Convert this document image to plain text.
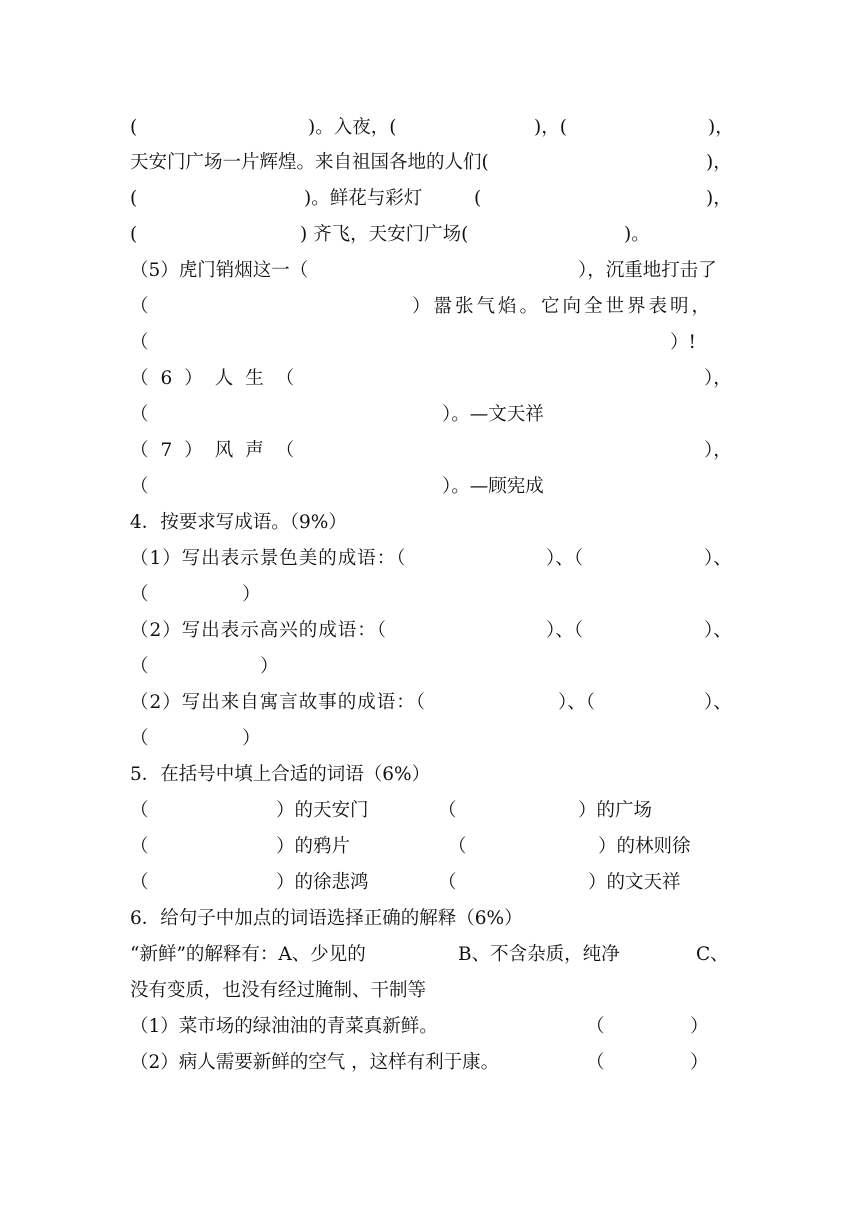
(	)。入夜，(	)，(	)，
天安门广场一片辉煌。来自祖国各地的人们(	)，
(	)。鲜花与彩灯	(	)，
(	) 齐飞，天安门广场(	)。
（5）虎门销烟这一（	），沉重地打击了
（	）嚣张气焰。它向全世界表明，
（	）!
（6）人生（	），
（	）。—文天祥
（7）风声（	），
（	）。—顾宪成
4．按要求写成语。（9%）
（1）写出表示景色美的成语：（	）、（	）、
（	）
（2）写出表示高兴的成语：（	）、（	）、
（	）
（2）写出来自寓言故事的成语：（	）、（	）、
（	）
5．在括号中填上合适的词语（6%）
（	）的天安门	（	）的广场
（	）的鸦片	（	）的林则徐
（	）的徐悲鸿	（	）的文天祥
6．给句子中加点的词语选择正确的解释（6%）
“新鲜”的解释有：A、少见的	B、不含杂质，纯净	C、
没有变质，也没有经过腌制、干制等
（1）菜市场的绿油油的青菜真新鲜。	（	）
（2）病人需要新鲜的空气 ，这样有利于康。	（	）
